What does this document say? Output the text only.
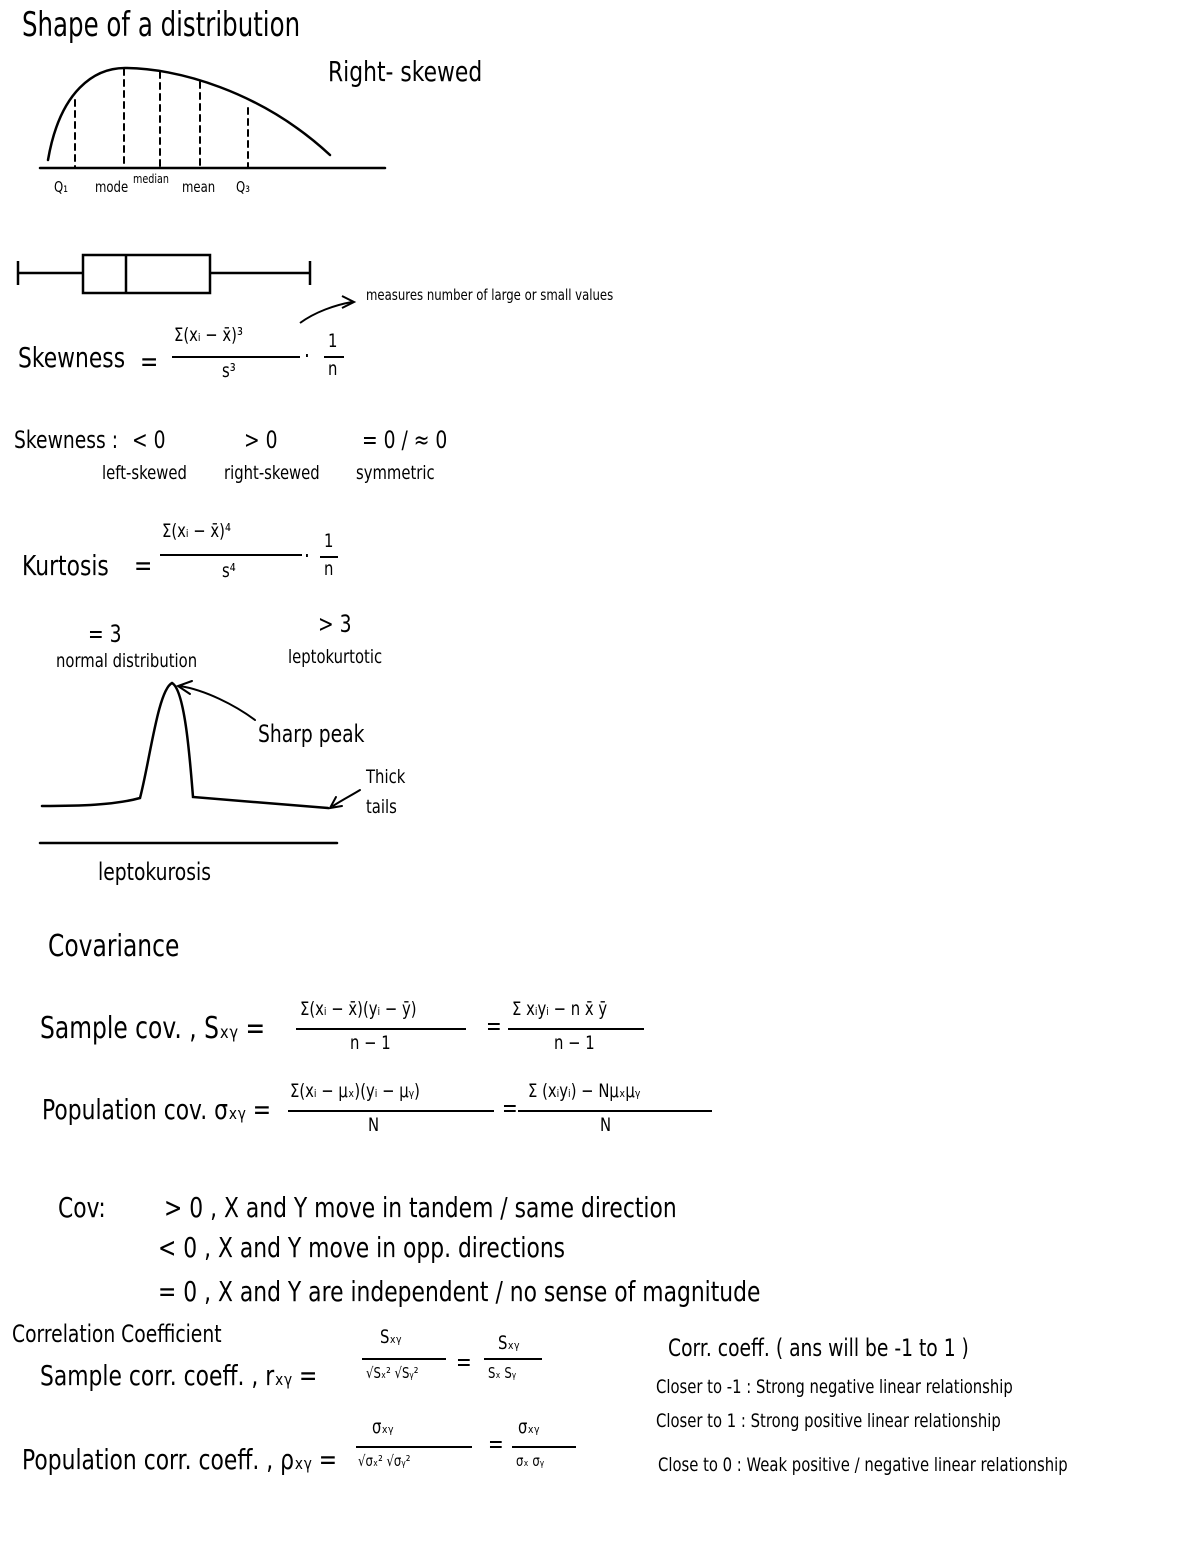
Shape of a distribution
Right- skewed
Q₁ mode median mean Q₃
measures number of large or small values
Skewness =
Σ(xᵢ − x̄)³
s³
·
1
n
Skewness : < 0
left-skewed
> 0
right-skewed
= 0 / ≈ 0
symmetric
Kurtosis =
Σ(xᵢ − x̄)⁴
s⁴
·
1
n
= 3
normal distribution
> 3
leptokurtotic
Sharp peak
Thick
tails
leptokurosis
Covariance
Sample cov. , Sₓᵧ =
Σ(xᵢ − x̄)(yᵢ − ȳ)
n − 1
=
Σ xᵢyᵢ − n x̄ ȳ
n − 1
Population cov. σₓᵧ =
Σ(xᵢ − μₓ)(yᵢ − μᵧ)
N
=
Σ (xᵢyᵢ) − Nμₓμᵧ
N
Cov: > 0 , X and Y move in tandem / same direction
< 0 , X and Y move in opp. directions
= 0 , X and Y are independent / no sense of magnitude
Correlation Coefficient
Sample corr. coeff. , rₓᵧ =
Sₓᵧ
√Sₓ² √Sᵧ² =
Sₓᵧ
Sₓ Sᵧ
Population corr. coeff. , ρₓᵧ =
σₓᵧ
√σₓ² √σᵧ²
=
σₓᵧ
σₓ σᵧ
Corr. coeff. ( ans will be -1 to 1 )
Closer to -1 : Strong negative linear relationship
Closer to 1 : Strong positive linear relationship
Close to 0 : Weak positive / negative linear relationship
